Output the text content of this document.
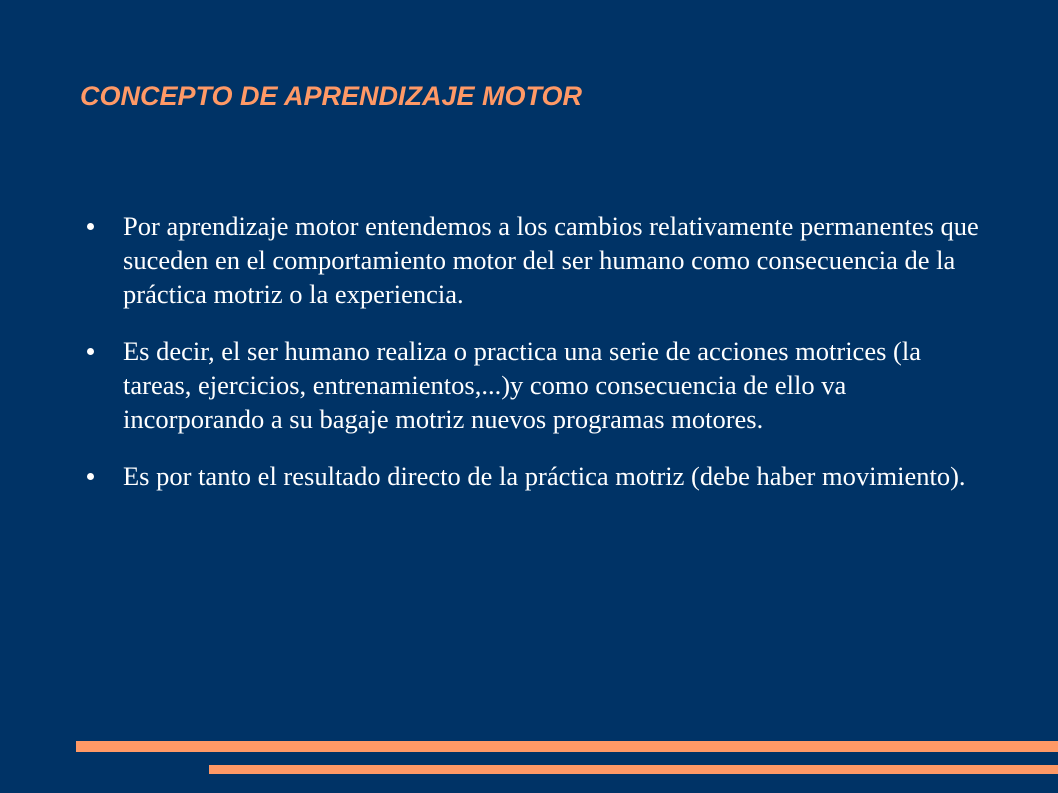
CONCEPTO DE APRENDIZAJE MOTOR
Por aprendizaje motor entendemos a los cambios relativamente permanentes que suceden en el comportamiento motor del ser humano como consecuencia de la práctica motriz o la experiencia.
Es decir, el ser humano realiza o practica una serie de acciones motrices (la tareas, ejercicios, entrenamientos,...)y como consecuencia de ello va incorporando a su bagaje motriz nuevos programas motores.
Es por tanto el resultado directo de la práctica motriz (debe haber movimiento).
